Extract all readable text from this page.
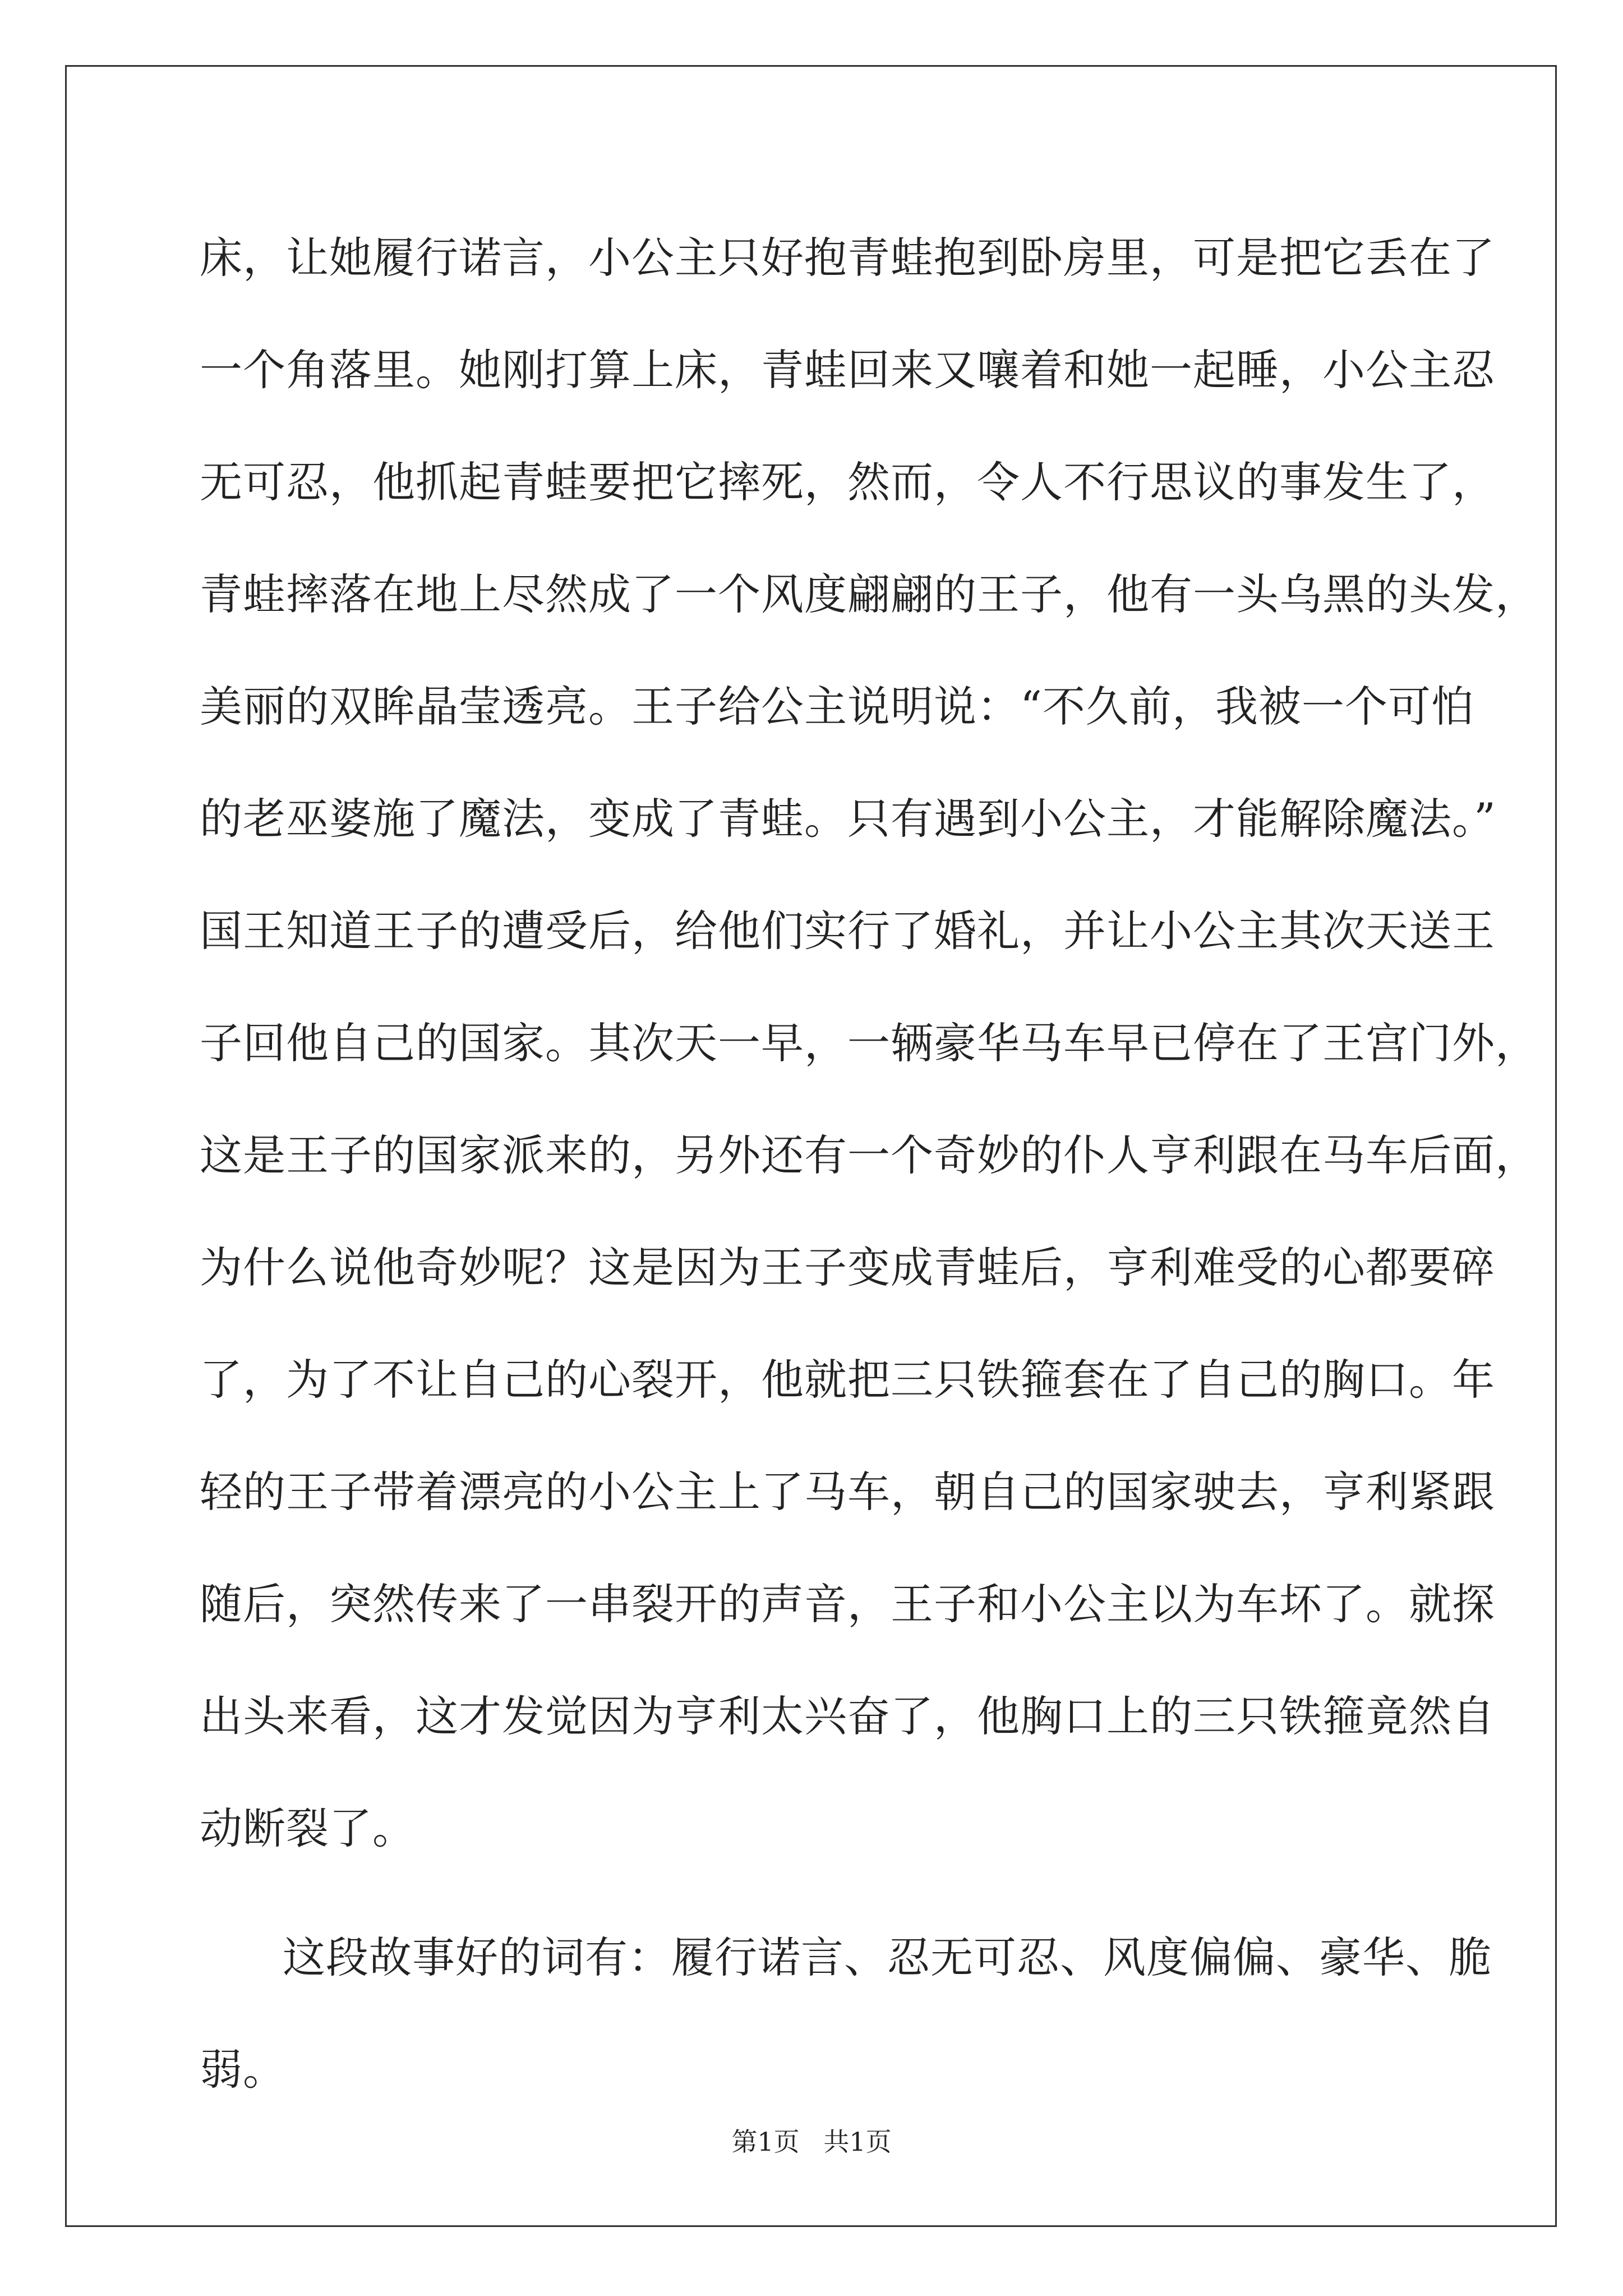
床，让她履行诺言，小公主只好抱青蛙抱到卧房里，可是把它丢在了
一个角落里。她刚打算上床，青蛙回来又嚷着和她一起睡，小公主忍
无可忍，他抓起青蛙要把它摔死，然而，令人不行思议的事发生了，
青蛙摔落在地上尽然成了一个风度翩翩的王子，他有一头乌黑的头发，
美丽的双眸晶莹透亮。王子给公主说明说：“不久前，我被一个可怕
的老巫婆施了魔法，变成了青蛙。只有遇到小公主，才能解除魔法。”
国王知道王子的遭受后，给他们实行了婚礼，并让小公主其次天送王
子回他自己的国家。其次天一早，一辆豪华马车早已停在了王宫门外，
这是王子的国家派来的，另外还有一个奇妙的仆人亨利跟在马车后面，
为什么说他奇妙呢？这是因为王子变成青蛙后，亨利难受的心都要碎
了，为了不让自己的心裂开，他就把三只铁箍套在了自己的胸口。年
轻的王子带着漂亮的小公主上了马车，朝自己的国家驶去，亨利紧跟
随后，突然传来了一串裂开的声音，王子和小公主以为车坏了。就探
出头来看，这才发觉因为亨利太兴奋了，他胸口上的三只铁箍竟然自
动断裂了。
这段故事好的词有：履行诺言、忍无可忍、风度偏偏、豪华、脆
弱。
第1页 共1页
